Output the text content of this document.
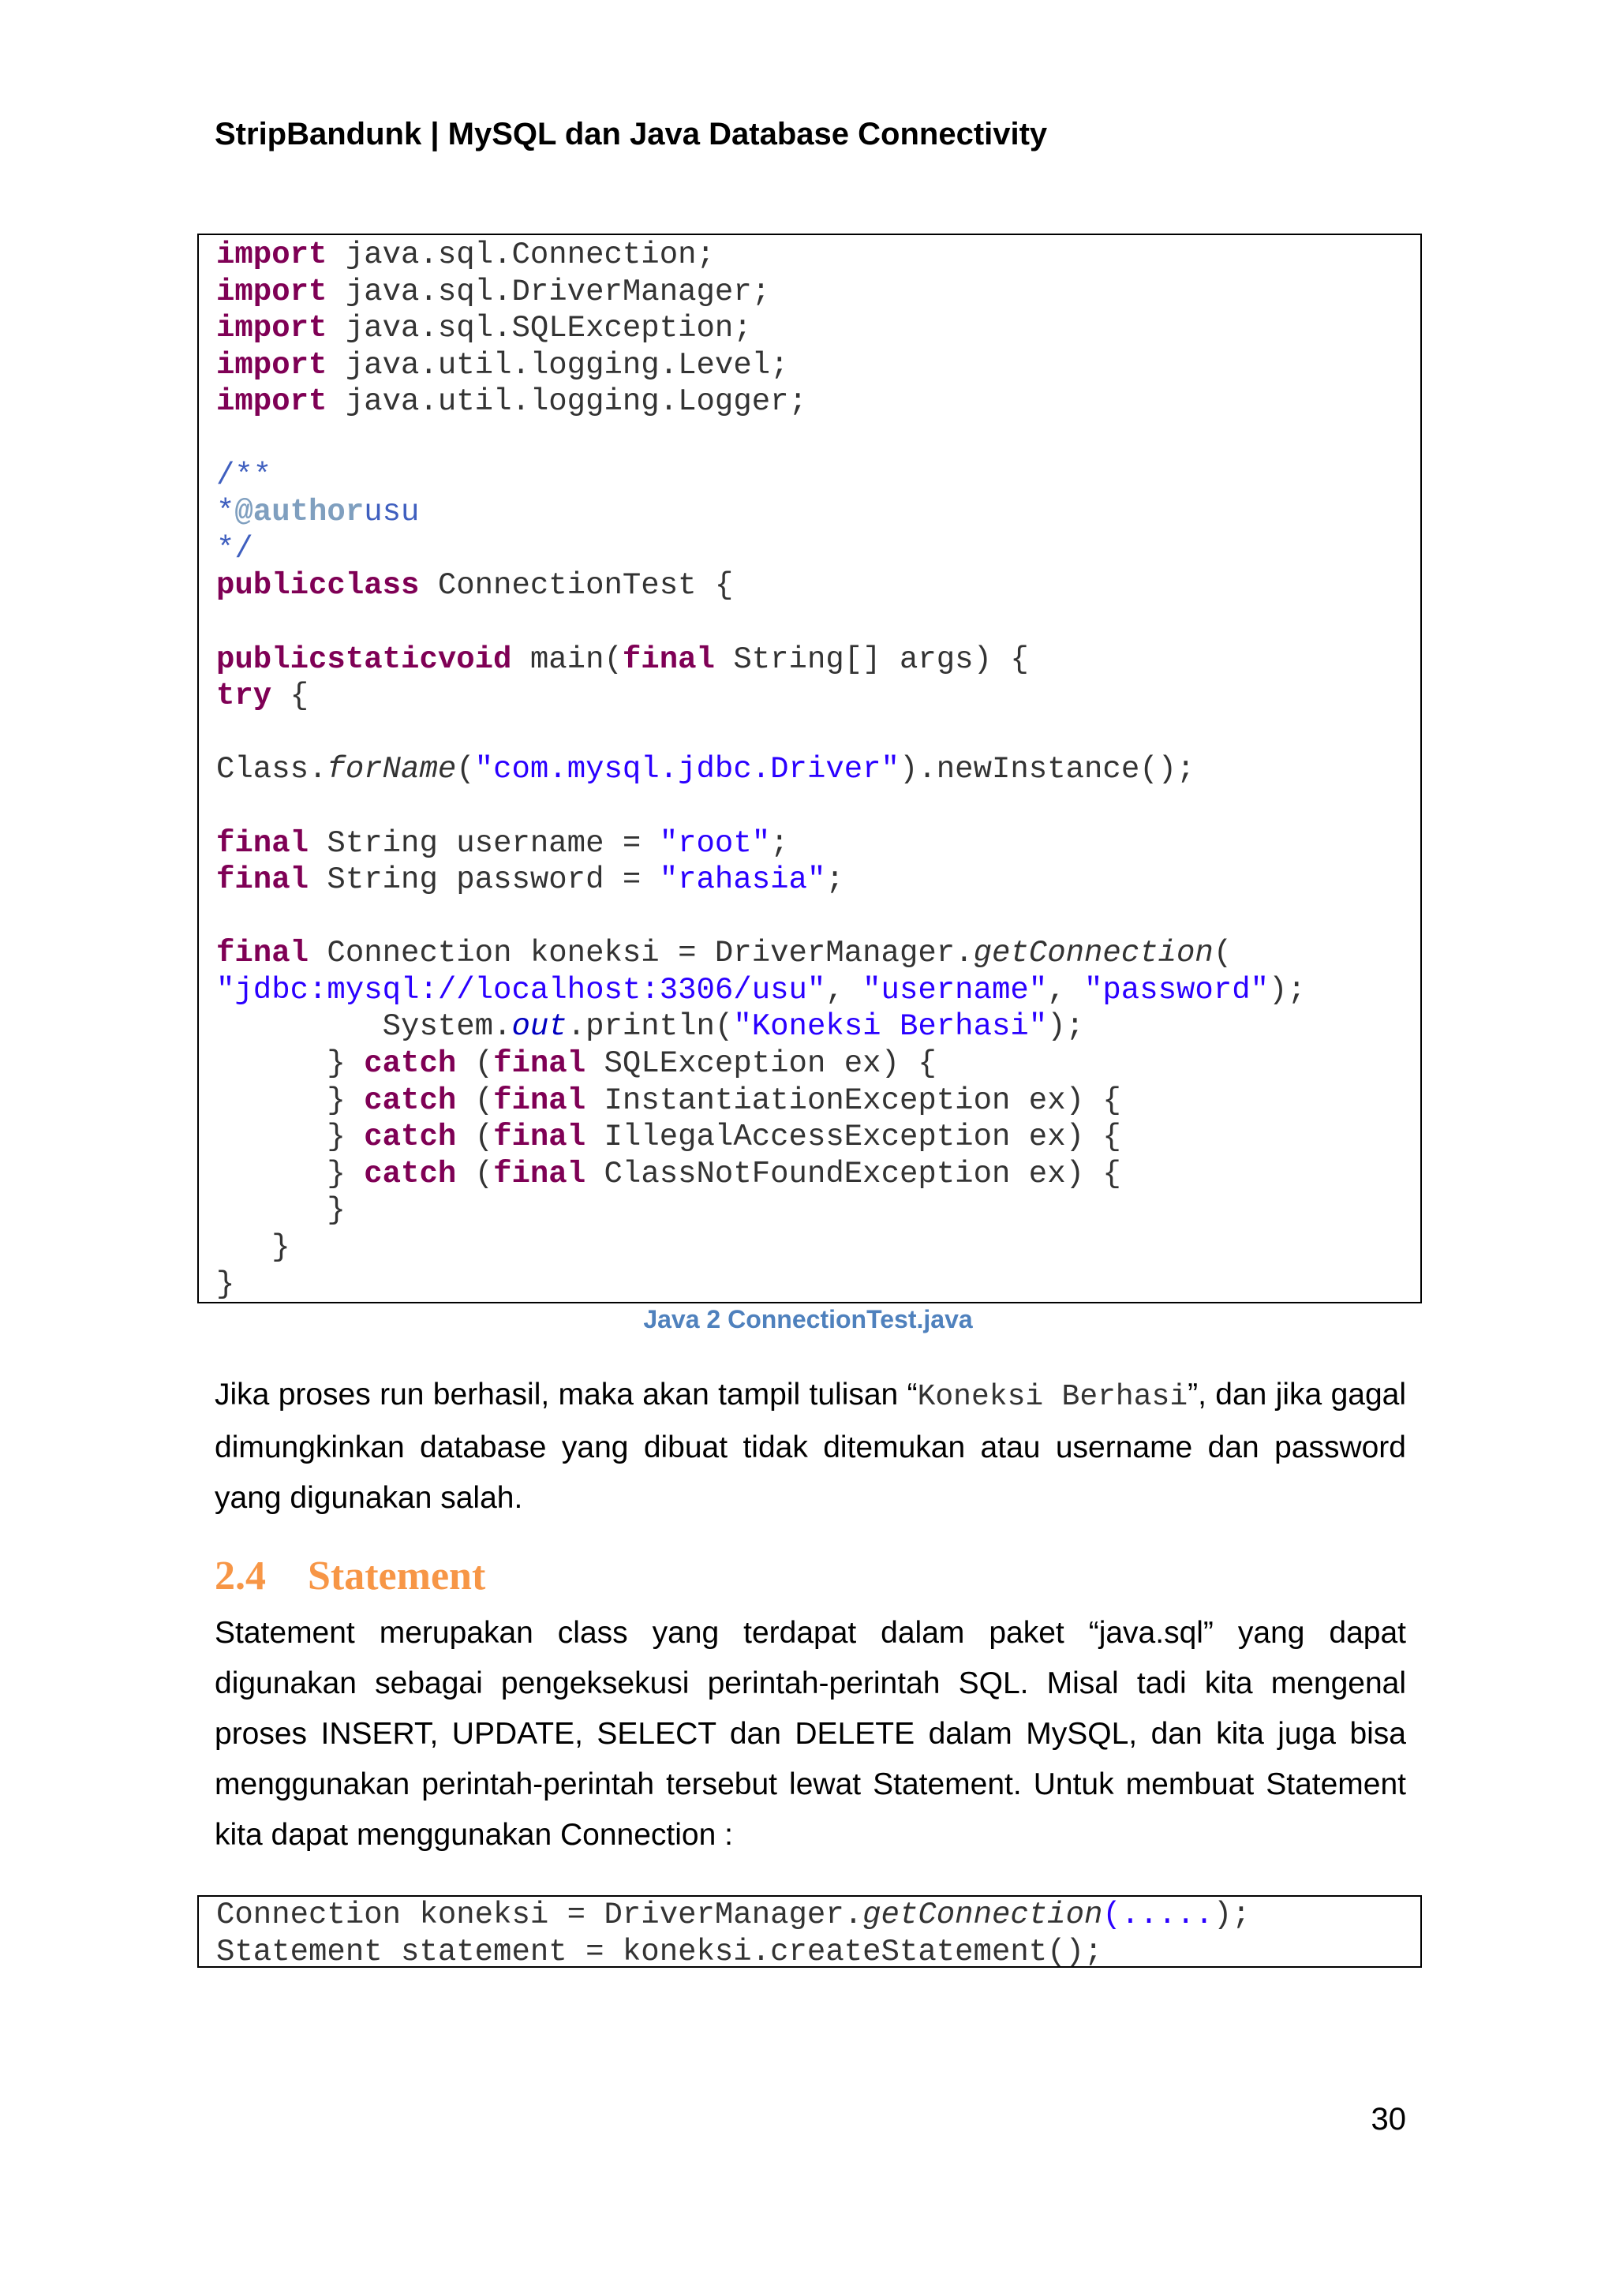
StripBandunk | MySQL dan Java Database Connectivity
import java.sql.Connection;
import java.sql.DriverManager;
import java.sql.SQLException;
import java.util.logging.Level;
import java.util.logging.Logger;

/**
*@authorusu
*/
publicclass ConnectionTest {

publicstaticvoid main(final String[] args) {
try {

Class.forName("com.mysql.jdbc.Driver").newInstance();

final String username = "root";
final String password = "rahasia";

final Connection koneksi = DriverManager.getConnection(
"jdbc:mysql://localhost:3306/usu", "username", "password");
System.out.println("Koneksi Berhasi");
} catch (final SQLException ex) {
} catch (final InstantiationException ex) {
} catch (final IllegalAccessException ex) {
} catch (final ClassNotFoundException ex) {
}
}
}
Java 2 ConnectionTest.java

Jika proses run berhasil, maka akan tampil tulisan “Koneksi Berhasi”, dan jika gagal dimungkinkan database yang dibuat tidak ditemukan atau username dan password yang digunakan salah.

2.4 Statement

Statement merupakan class yang terdapat dalam paket “java.sql” yang dapat digunakan sebagai pengeksekusi perintah-perintah SQL. Misal tadi kita mengenal proses INSERT, UPDATE, SELECT dan DELETE dalam MySQL, dan kita juga bisa menggunakan perintah-perintah tersebut lewat Statement. Untuk membuat Statement kita dapat menggunakan Connection :

Connection koneksi = DriverManager.getConnection(.....);
Statement statement = koneksi.createStatement();
30
